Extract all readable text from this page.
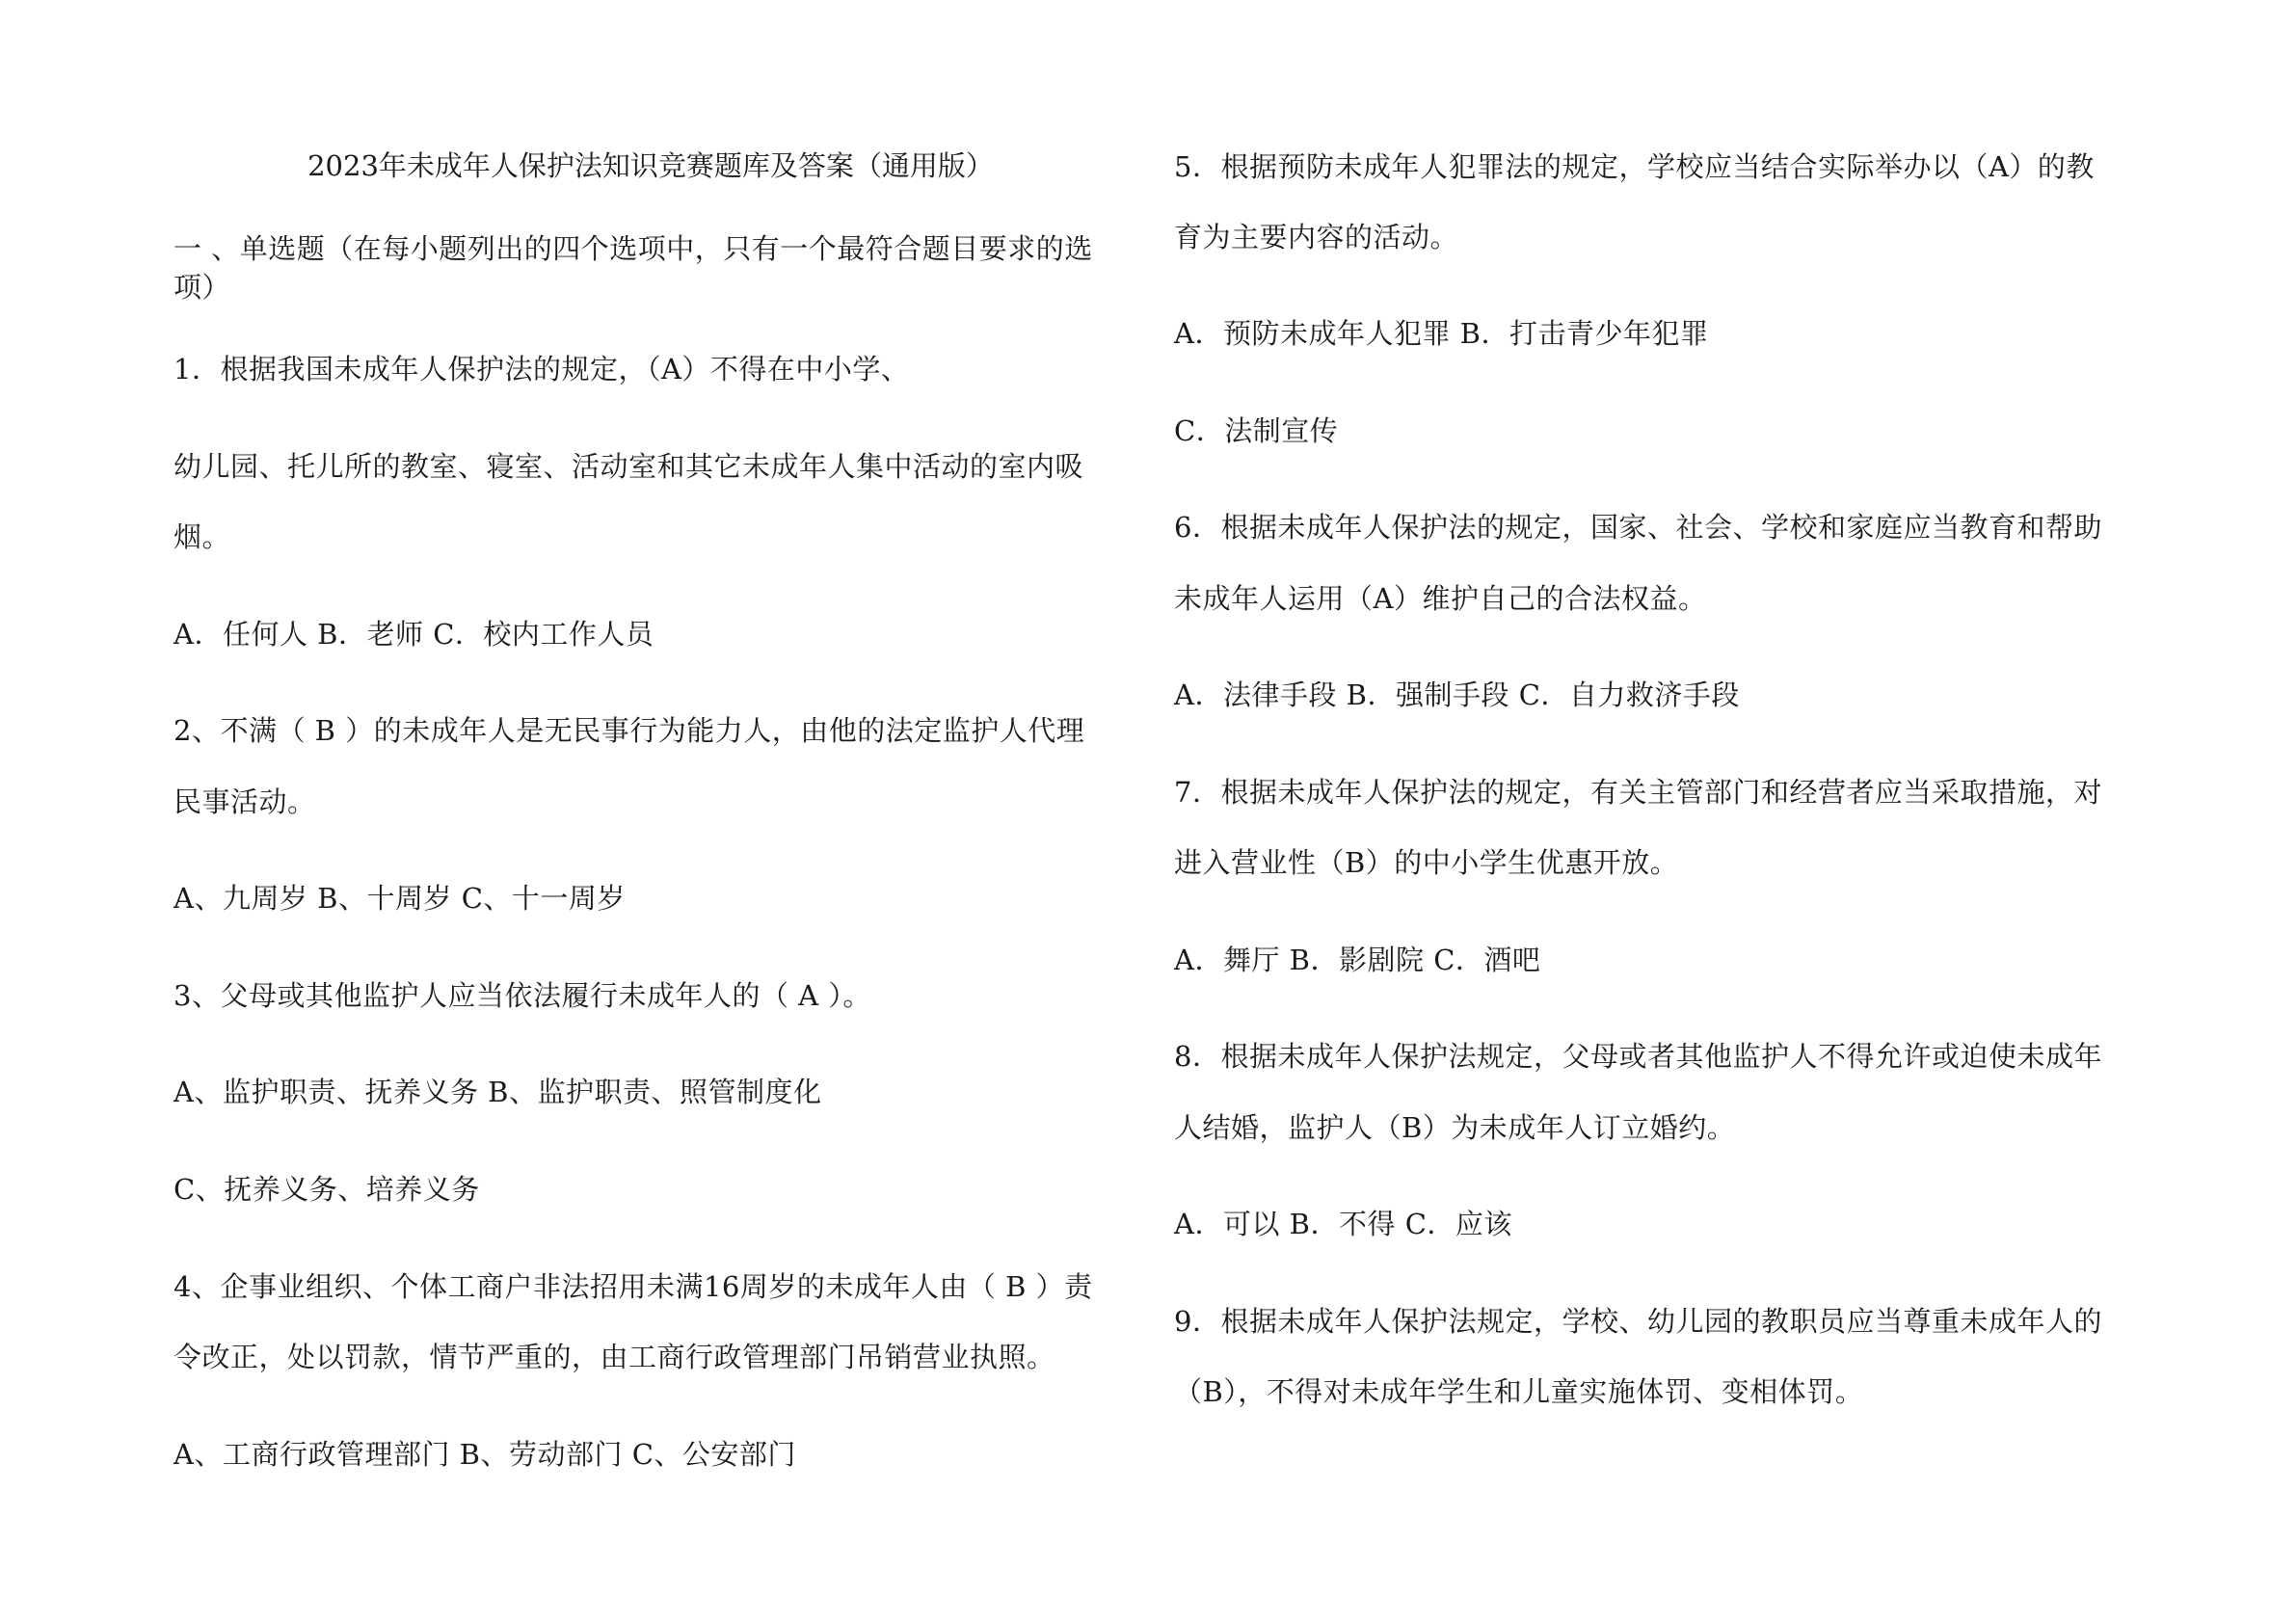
2023年未成年人保护法知识竞赛题库及答案（通用版）
一 、单选题（在每小题列出的四个选项中，只有一个最符合题目要求的选
项）
1．根据我国未成年人保护法的规定，（A）不得在中小学、
幼儿园、托儿所的教室、寝室、活动室和其它未成年人集中活动的室内吸
烟。
A．任何人 B．老师 C．校内工作人员
2、不满（ B ）的未成年人是无民事行为能力人，由他的法定监护人代理
民事活动。
A、九周岁 B、十周岁 C、十一周岁
3、父母或其他监护人应当依法履行未成年人的（ A ）。
A、监护职责、抚养义务 B、监护职责、照管制度化
C、抚养义务、培养义务
4、企事业组织、个体工商户非法招用未满16周岁的未成年人由（ B ）责
令改正，处以罚款，情节严重的，由工商行政管理部门吊销营业执照。
A、工商行政管理部门 B、劳动部门 C、公安部门
5．根据预防未成年人犯罪法的规定，学校应当结合实际举办以（A）的教
育为主要内容的活动。
A．预防未成年人犯罪 B．打击青少年犯罪
C．法制宣传
6．根据未成年人保护法的规定，国家、社会、学校和家庭应当教育和帮助
未成年人运用（A）维护自己的合法权益。
A．法律手段 B．强制手段 C．自力救济手段
7．根据未成年人保护法的规定，有关主管部门和经营者应当采取措施，对
进入营业性（B）的中小学生优惠开放。
A．舞厅 B．影剧院 C．酒吧
8．根据未成年人保护法规定，父母或者其他监护人不得允许或迫使未成年
人结婚，监护人（B）为未成年人订立婚约。
A．可以 B．不得 C．应该
9．根据未成年人保护法规定，学校、幼儿园的教职员应当尊重未成年人的
（B），不得对未成年学生和儿童实施体罚、变相体罚。
